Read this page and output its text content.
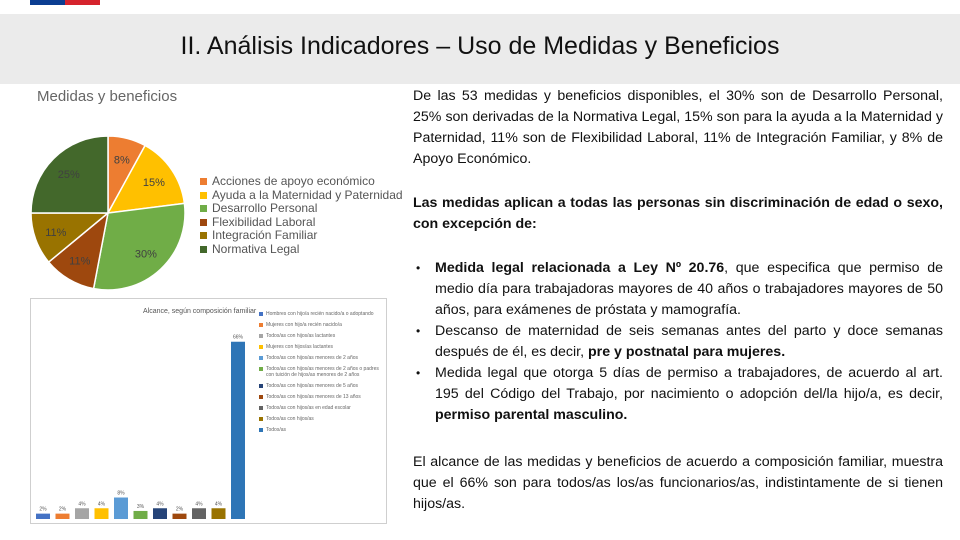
II. Análisis Indicadores – Uso de Medidas y Beneficios
Medidas y beneficios
8%
15%
30%
11%
11%
25%	Acciones de apoyo económico
Ayuda a la Maternidad y Paternidad
Desarrollo Personal
Flexibilidad Laboral
Integración Familiar
Normativa Legal
2% 2%
4% 4%
8%
3% 4%
2%
4% 4%
66%
Alcance, según composición familiar Hombres con hijo/a recién nacido/a o adoptando
Mujeres con hijo/a recién nacido/a
Todos/as con hijos/as lactantes
Mujeres con hijos/as lactantes
Todos/as con hijos/as menores de 2 años
Todos/as con hijos/as menores de 2 años o padres con tuición de hijos/as menores de 2 años
Todos/as con hijos/as menores de 5 años
Todos/as con hijos/as menores de 13 años
Todos/as con hijos/as en edad escolar
Todos/as con hijos/as
Todos/as
De las 53 medidas y beneficios disponibles, el 30% son de Desarrollo Personal, 25% son derivadas de la Normativa Legal, 15% son para la ayuda a la Maternidad y Paternidad, 11% son de Flexibilidad Laboral, 11% de Integración Familiar, y 8% de Apoyo Económico.
Las medidas aplican a todas las personas sin discriminación de edad o sexo, con excepción de:
• Medida legal relacionada a Ley Nº 20.76, que especifica que permiso de medio día para trabajadoras mayores de 40 años o trabajadores mayores de 50 años, para exámenes de próstata y mamografía.
• Descanso de maternidad de seis semanas antes del parto y doce semanas después de él, es decir, pre y postnatal para mujeres.
• Medida legal que otorga 5 días de permiso a trabajadores, de acuerdo al art. 195 del Código del Trabajo, por nacimiento o adopción del/la hijo/a, es decir, permiso parental masculino.
El alcance de las medidas y beneficios de acuerdo a composición familiar, muestra que el 66% son para todos/as los/as funcionarios/as, indistintamente de si tienen hijos/as.
